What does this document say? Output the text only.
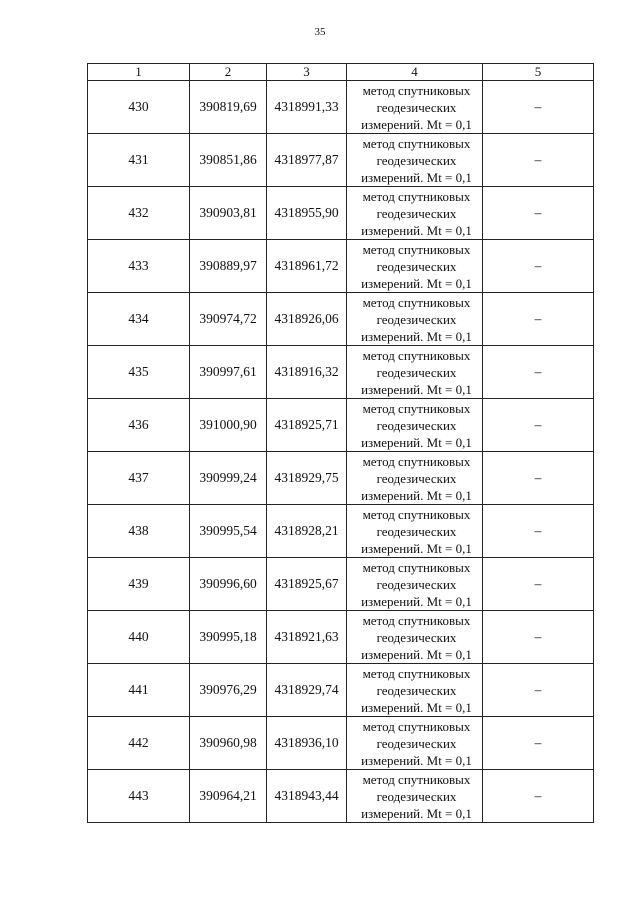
35
1	2	3	4	5
430	390819,69	4318991,33	метод спутниковых
геодезических
измерений. Mt = 0,1	–
431	390851,86	4318977,87	метод спутниковых
геодезических
измерений. Mt = 0,1	–
432	390903,81	4318955,90	метод спутниковых
геодезических
измерений. Mt = 0,1	–
433	390889,97	4318961,72	метод спутниковых
геодезических
измерений. Mt = 0,1	–
434	390974,72	4318926,06	метод спутниковых
геодезических
измерений. Mt = 0,1	–
435	390997,61	4318916,32	метод спутниковых
геодезических
измерений. Mt = 0,1	–
436	391000,90	4318925,71	метод спутниковых
геодезических
измерений. Mt = 0,1	–
437	390999,24	4318929,75	метод спутниковых
геодезических
измерений. Mt = 0,1	–
438	390995,54	4318928,21	метод спутниковых
геодезических
измерений. Mt = 0,1	–
439	390996,60	4318925,67	метод спутниковых
геодезических
измерений. Mt = 0,1	–
440	390995,18	4318921,63	метод спутниковых
геодезических
измерений. Mt = 0,1	–
441	390976,29	4318929,74	метод спутниковых
геодезических
измерений. Mt = 0,1	–
442	390960,98	4318936,10	метод спутниковых
геодезических
измерений. Mt = 0,1	–
443	390964,21	4318943,44	метод спутниковых
геодезических
измерений. Mt = 0,1	–
